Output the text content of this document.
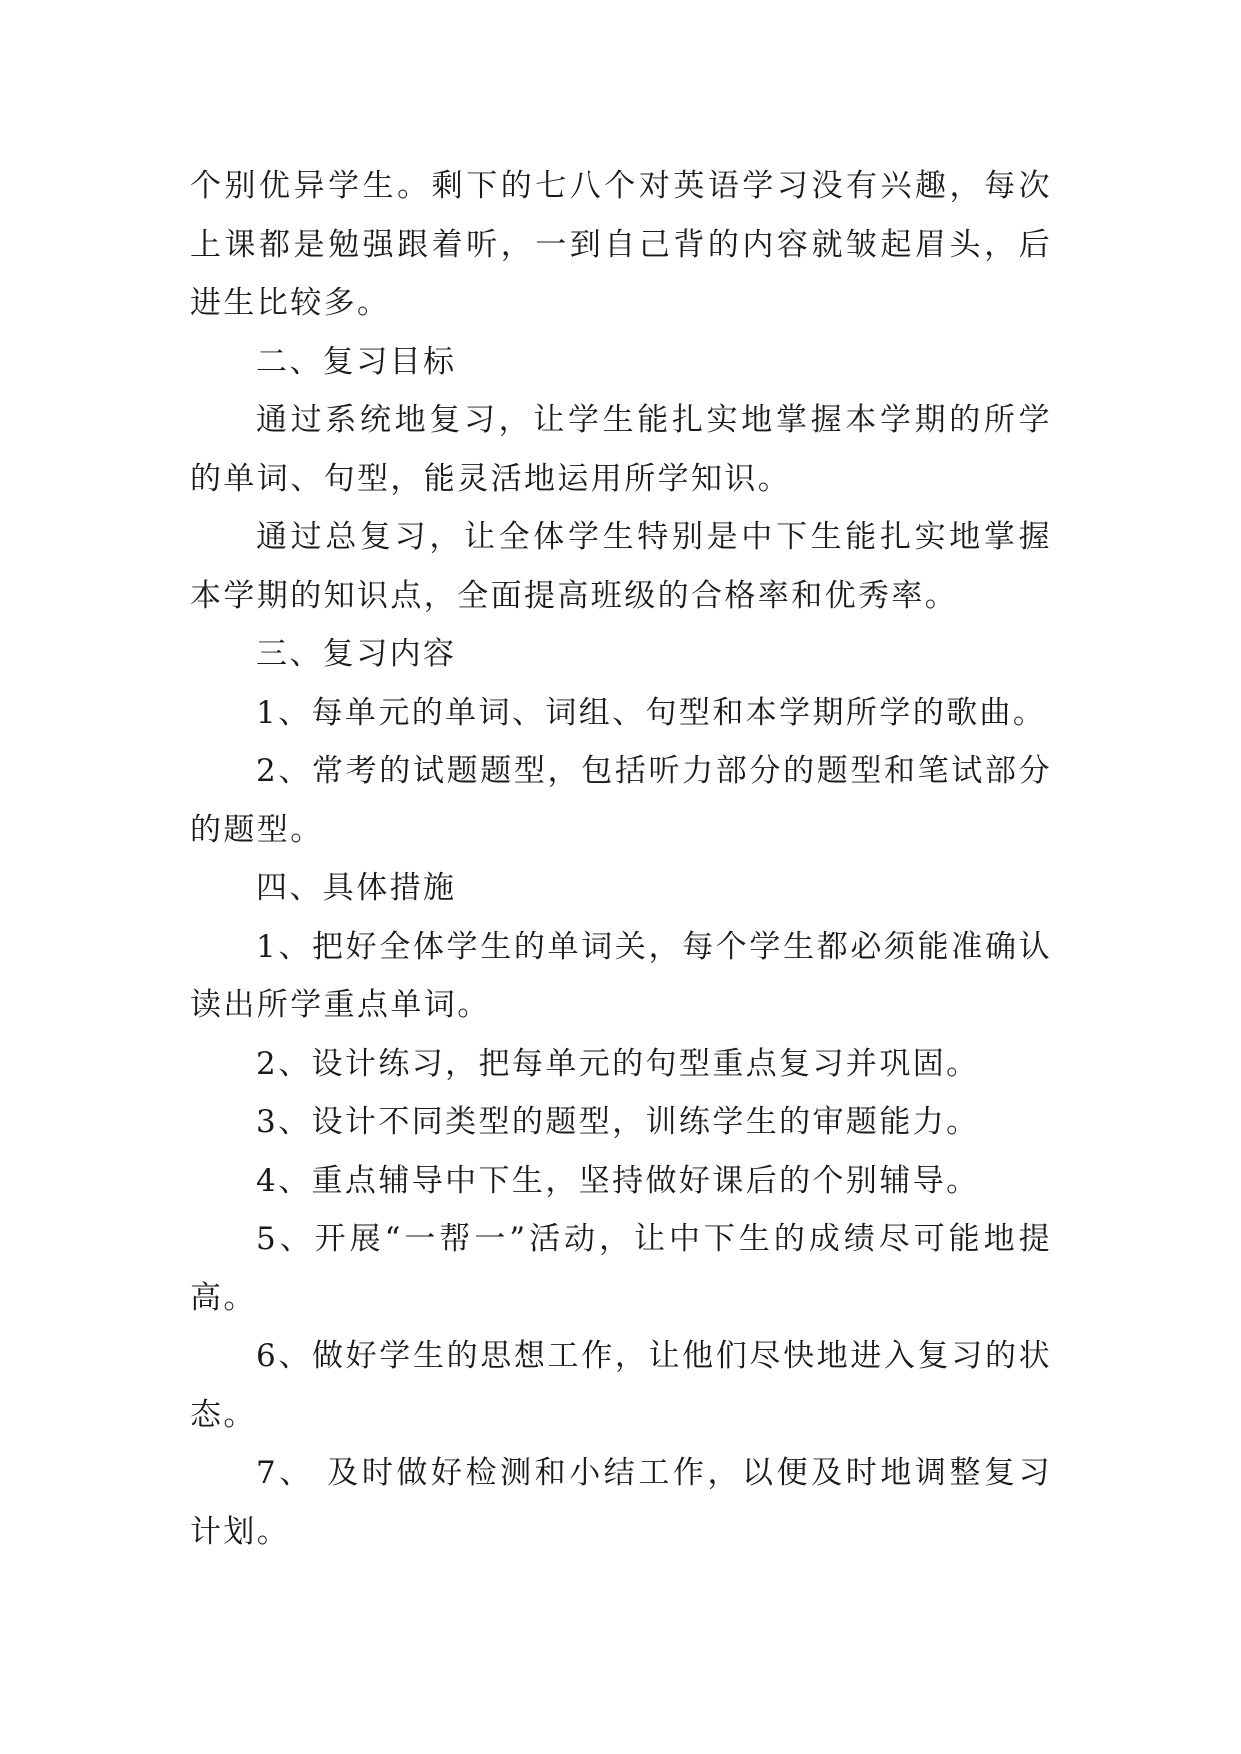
个别优异学生。剩下的七八个对英语学习没有兴趣，每次上课都是勉强跟着听，一到自己背的内容就皱起眉头，后进生比较多。

二、复习目标

通过系统地复习，让学生能扎实地掌握本学期的所学的单词、句型，能灵活地运用所学知识。

通过总复习，让全体学生特别是中下生能扎实地掌握本学期的知识点，全面提高班级的合格率和优秀率。

三、复习内容

1、每单元的单词、词组、句型和本学期所学的歌曲。

2、常考的试题题型，包括听力部分的题型和笔试部分的题型。

四、具体措施

1、把好全体学生的单词关，每个学生都必须能准确认读出所学重点单词。

2、设计练习，把每单元的句型重点复习并巩固。

3、设计不同类型的题型，训练学生的审题能力。

4、重点辅导中下生，坚持做好课后的个别辅导。

5、开展“一帮一”活动，让中下生的成绩尽可能地提高。

6、做好学生的思想工作，让他们尽快地进入复习的状态。

7、 及时做好检测和小结工作，以便及时地调整复习计划。
